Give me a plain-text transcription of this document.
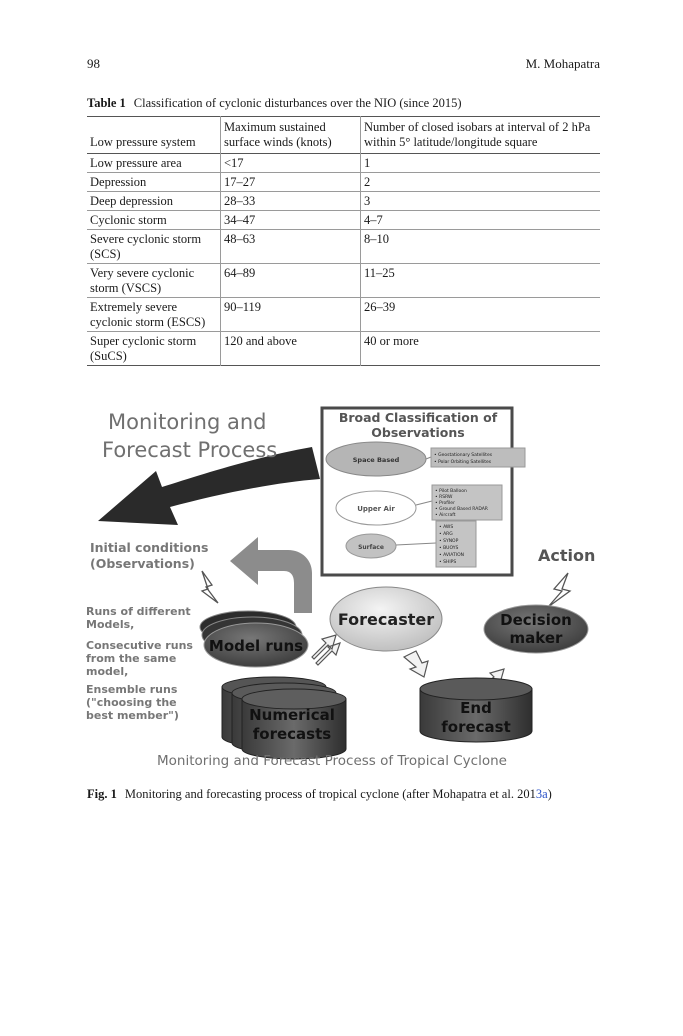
98	M. Mohapatra
Table 1 Classification of cyclonic disturbances over the NIO (since 2015)
Low pressure system	Maximum sustained surface winds (knots)	Number of closed isobars at interval of 2 hPa within 5° latitude/longitude square
Low pressure area	<17	1
Depression	17–27	2
Deep depression	28–33	3
Cyclonic storm	34–47	4–7
Severe cyclonic storm (SCS)	48–63	8–10
Very severe cyclonic storm (VSCS)	64–89	11–25
Extremely severe cyclonic storm (ESCS)	90–119	26–39
Super cyclonic storm (SuCS)	120 and above	40 or more
Monitoring and
Forecast Process
Broad Classification of
Observations
Space Based
• Geostationary Satellites
• Polar Orbiting Satellites
Upper Air
• Pilot Balloon
• RSRW
• Profiler
• Ground Based RADAR
• Aircraft
Surface
• AWS
• ARG
• SYNOP
• BUOYS
• AVIATION
• SHIPS
Initial conditions
(Observations)	Action
Runs of different
Models,
Consecutive runs
from the same
model,
Ensemble runs
("choosing the
best member")
Model runs
Forecaster	Decision
maker
Numerical
forecasts
End
forecast
Monitoring and Forecast Process of Tropical Cyclone
Fig. 1 Monitoring and forecasting process of tropical cyclone (after Mohapatra et al. 2013a)
